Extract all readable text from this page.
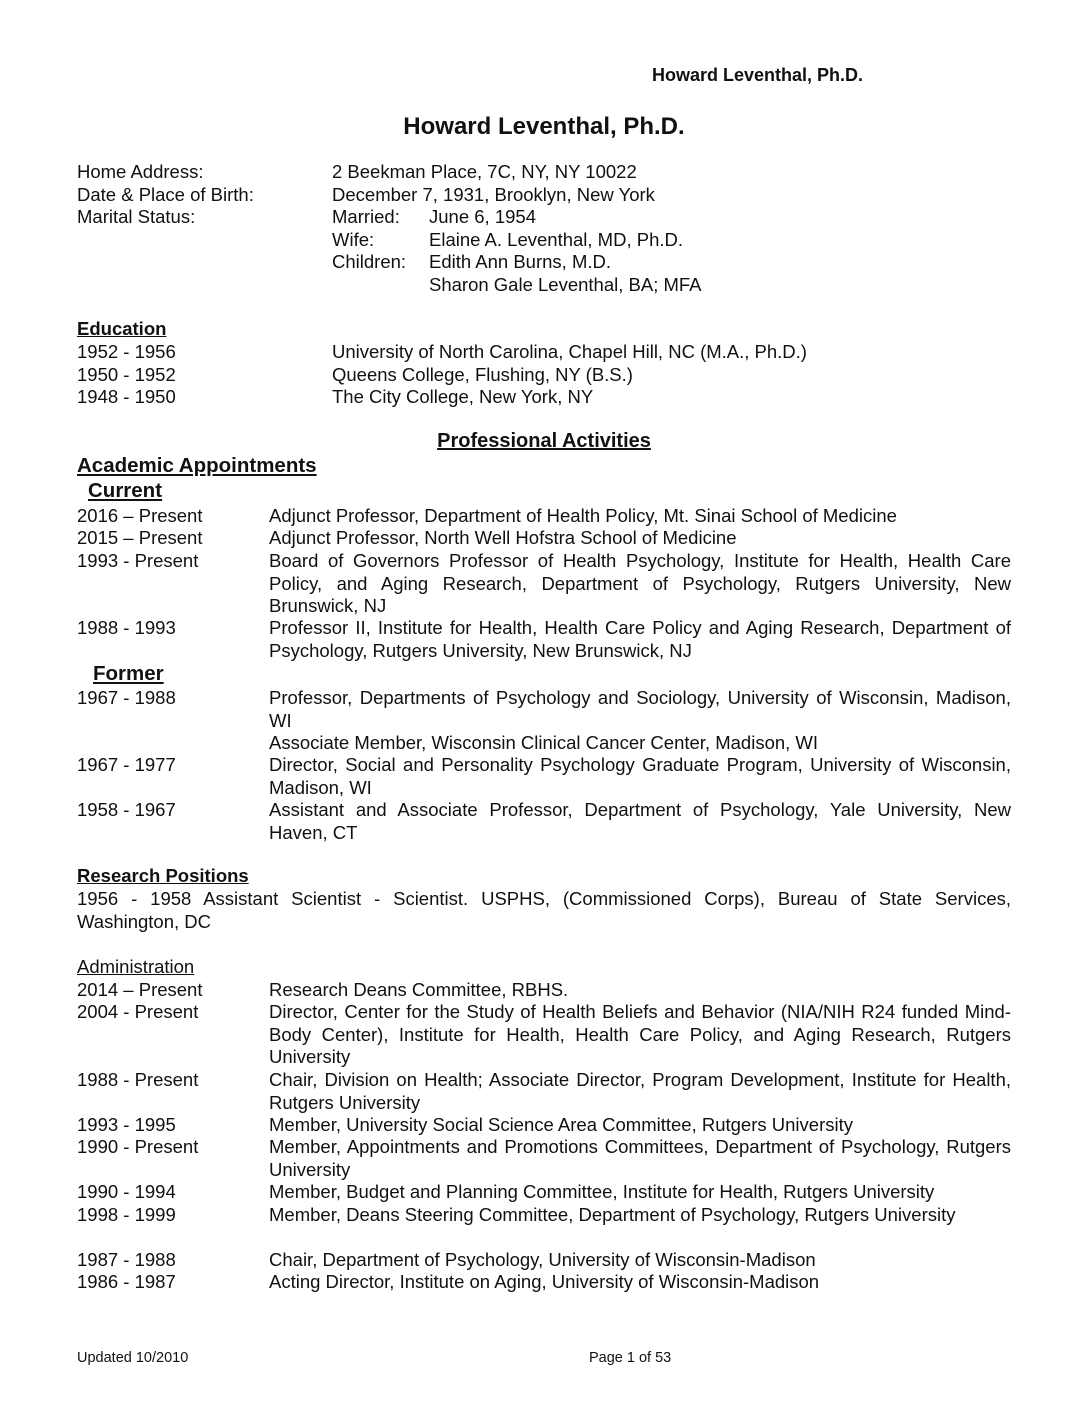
Howard Leventhal, Ph.D.
Howard Leventhal, Ph.D.
Home Address:	2 Beekman Place, 7C, NY, NY 10022
Date & Place of Birth:	December 7, 1931, Brooklyn, New York
Marital Status:	Married: June 6, 1954
Wife:	Elaine A. Leventhal, MD, Ph.D.
Children: Edith Ann Burns, M.D.
Sharon Gale Leventhal, BA; MFA
Education
1952 - 1956	University of North Carolina, Chapel Hill, NC (M.A., Ph.D.)
1950 - 1952	Queens College, Flushing, NY (B.S.)
1948 - 1950	The City College, New York, NY
Professional Activities
Academic Appointments
Current
2016 – Present	Adjunct Professor, Department of Health Policy, Mt. Sinai School of Medicine
2015 – Present	Adjunct Professor, North Well Hofstra School of Medicine
1993 - Present	Board of Governors Professor of Health Psychology, Institute for Health, Health Care Policy, and Aging Research, Department of Psychology, Rutgers University, New Brunswick, NJ
1988 - 1993	Professor II, Institute for Health, Health Care Policy and Aging Research, Department of Psychology, Rutgers University, New Brunswick, NJ
Former
1967 - 1988	Professor, Departments of Psychology and Sociology, University of Wisconsin, Madison, WI
Associate Member, Wisconsin Clinical Cancer Center, Madison, WI
1967 - 1977	Director, Social and Personality Psychology Graduate Program, University of Wisconsin, Madison, WI
1958 - 1967	Assistant and Associate Professor, Department of Psychology, Yale University, New Haven, CT
Research Positions
1956 - 1958 Assistant Scientist - Scientist. USPHS, (Commissioned Corps), Bureau of State Services, Washington, DC
Administration
2014 – Present	Research Deans Committee, RBHS.
2004 - Present	Director, Center for the Study of Health Beliefs and Behavior (NIA/NIH R24 funded Mind-Body Center), Institute for Health, Health Care Policy, and Aging Research, Rutgers University
1988 - Present	Chair, Division on Health; Associate Director, Program Development, Institute for Health, Rutgers University
1993 - 1995	Member, University Social Science Area Committee, Rutgers University
1990 - Present	Member, Appointments and Promotions Committees, Department of Psychology, Rutgers University
1990 - 1994	Member, Budget and Planning Committee, Institute for Health, Rutgers University
1998 - 1999	Member, Deans Steering Committee, Department of Psychology, Rutgers University
1987 - 1988	Chair, Department of Psychology, University of Wisconsin-Madison
1986 - 1987	Acting Director, Institute on Aging, University of Wisconsin-Madison
Updated 10/2010	Page 1 of 53
